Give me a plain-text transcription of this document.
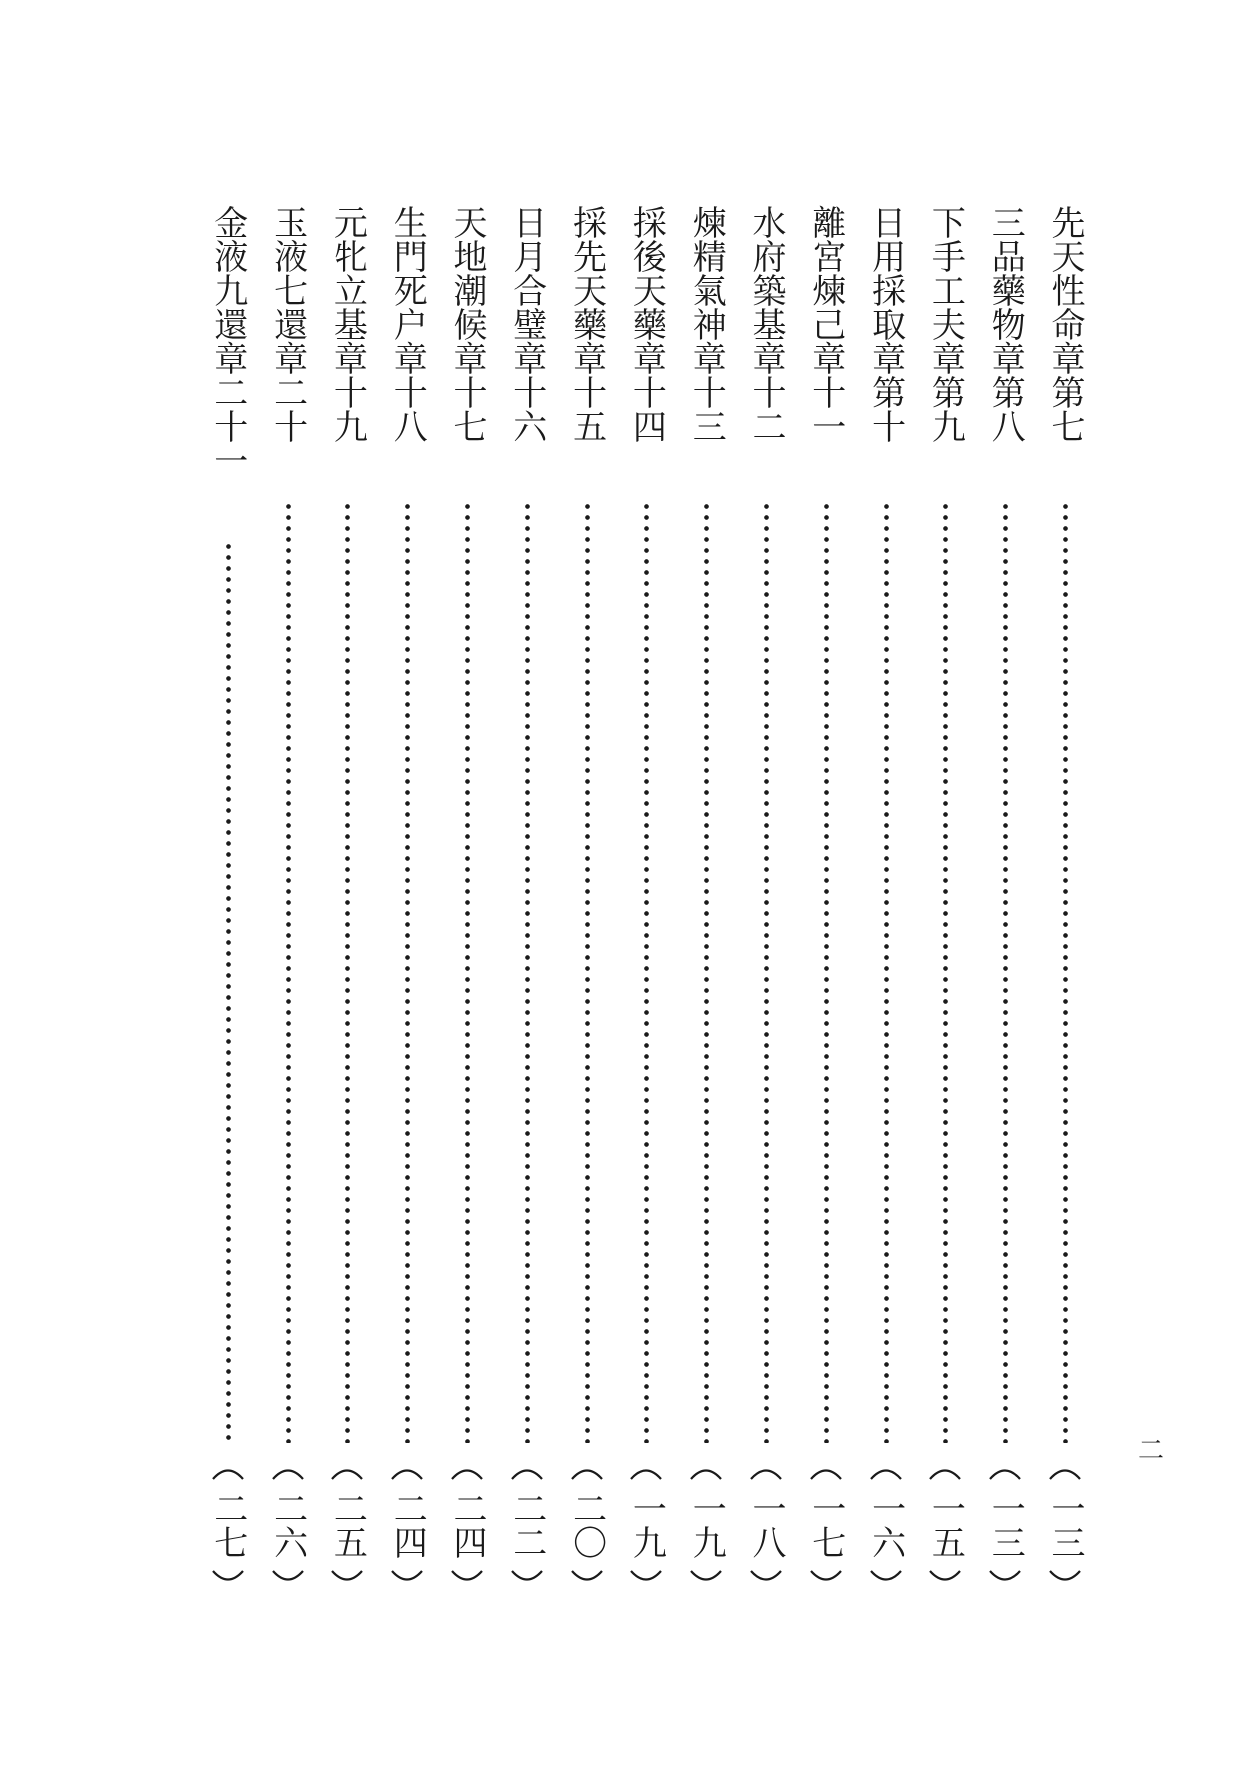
先天性命章第七
一三
三品藥物章第八
一三
下手工夫章第九
一五
日用採取章第十
一六
離宮煉己章十一
一七
水府築基章十二
一八
煉精氣神章十三
一九
採後天藥章十四
一九
採先天藥章十五
二〇
日月合璧章十六
二二
天地潮候章十七
二四
生門死户章十八
二四
元牝立基章十九
二五
玉液七還章二十
二六
金液九還章二十一
二七
二
